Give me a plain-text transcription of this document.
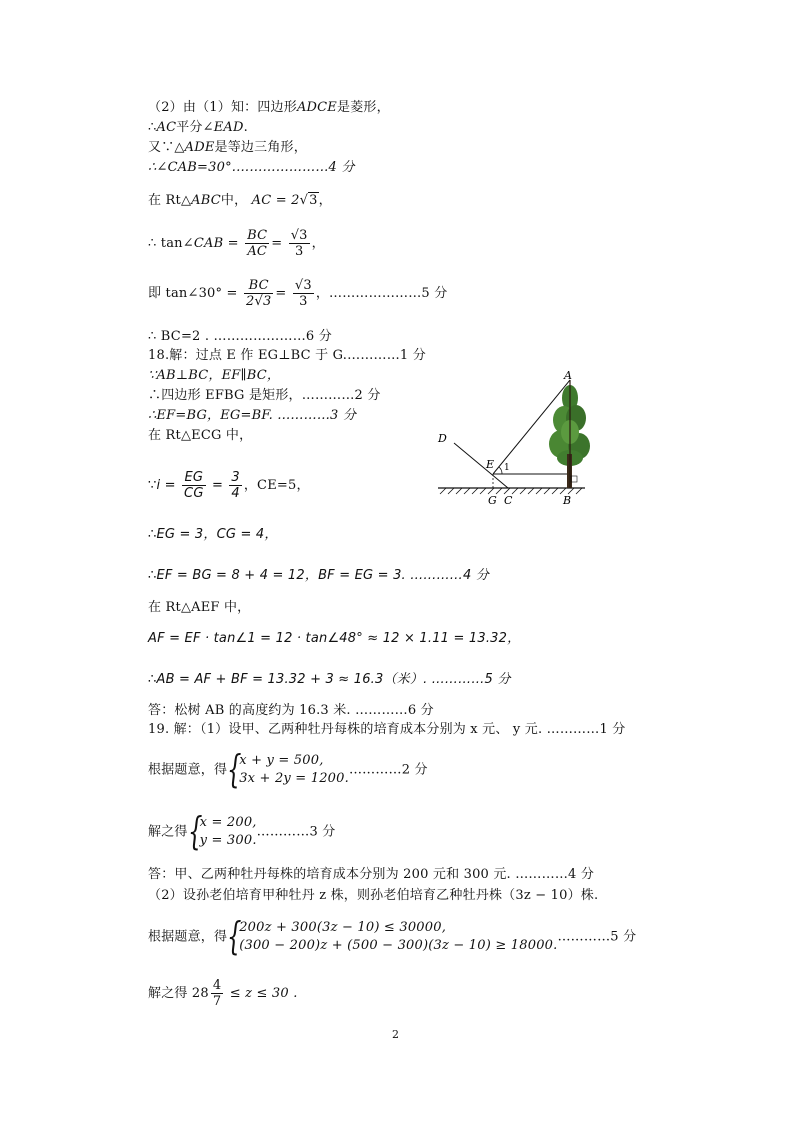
（2）由（1）知：四边形ADCE是菱形，
∴AC平分∠EAD.
又∵△ADE是等边三角形，
∴∠CAB=30°.…………………4 分
在 Rt△ABC中， AC = 2√3，
∴ tan∠CAB = $\frac{BC}{AC} = \frac{√3}{3}$ ，
即 tan∠30° = $\frac{BC}{2√3} = \frac{√3}{3}$ ，…………………5 分
∴ BC=2 . …………………6 分
18.解：过点 E 作 EG⊥BC 于 G.…………1 分
∵AB⊥BC，EF∥BC，
∴四边形 EFBG 是矩形，…………2 分
∴EF=BG，EG=BF. …………3 分
在 Rt△ECG 中，
∵i = $\frac{EG}{CG} = \frac{3}{4}$ ，CE=5，
∴EG = 3，CG = 4，
∴EF = BG = 8 + 4 = 12，BF = EG = 3. …………4 分
在 Rt△AEF 中，
AF = EF · tan∠1 = 12 · tan∠48° ≈ 12 × 1.11 = 13.32，
∴AB = AF + BF = 13.32 + 3 ≈ 16.3（米）. …………5 分
答：松树 AB 的高度约为 16.3 米. …………6 分
19. 解：（1）设甲、乙两种牡丹每株的培育成本分别为 x 元、 y 元. …………1 分
根据题意，得 {
x + y = 500,
3x + 2y = 1200.
…………2 分
解之得 {
x = 200,
y = 300.
…………3 分
答：甲、乙两种牡丹每株的培育成本分别为 200 元和 300 元. …………4 分
（2）设孙老伯培育甲种牡丹 z 株，则孙老伯培育乙种牡丹株（3z − 10）株.
根据题意，得 {
200z + 300(3z − 10) ≤ 30000,
(300 − 200)z + (500 − 300)(3z − 10) ≥ 18000.
…………5 分
解之得 $28 \frac{4}{7} \le z \le 30$ .
A
D
E 1
G C	B
2
